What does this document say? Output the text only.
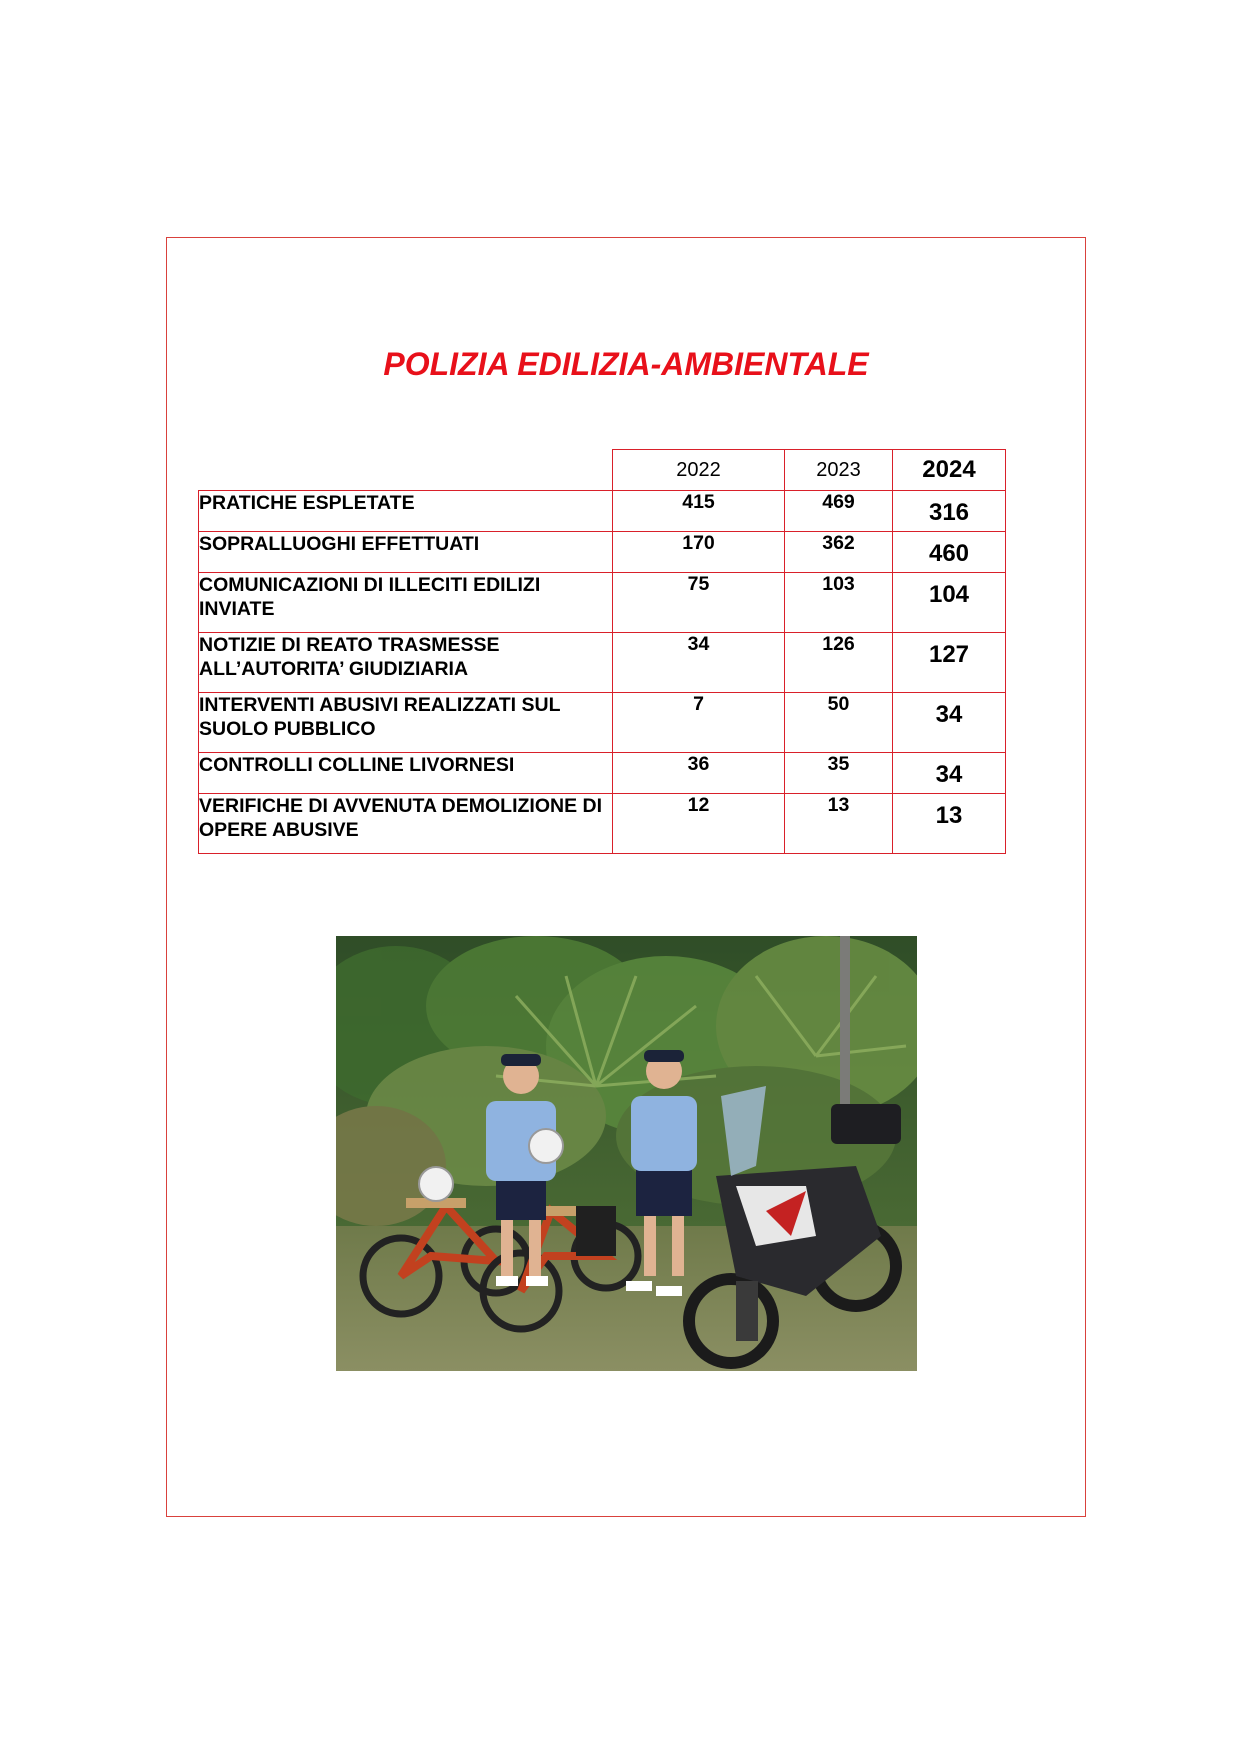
POLIZIA EDILIZIA-AMBIENTALE
	2022	2023	2024
PRATICHE ESPLETATE	415	469	316
SOPRALLUOGHI EFFETTUATI	170	362	460
COMUNICAZIONI DI ILLECITI EDILIZI INVIATE	75	103	104
NOTIZIE DI REATO TRASMESSE ALL’AUTORITA’ GIUDIZIARIA	34	126	127
INTERVENTI ABUSIVI REALIZZATI SUL SUOLO PUBBLICO	7	50	34
CONTROLLI COLLINE LIVORNESI	36	35	34
VERIFICHE DI AVVENUTA DEMOLIZIONE DI OPERE ABUSIVE	12	13	13
